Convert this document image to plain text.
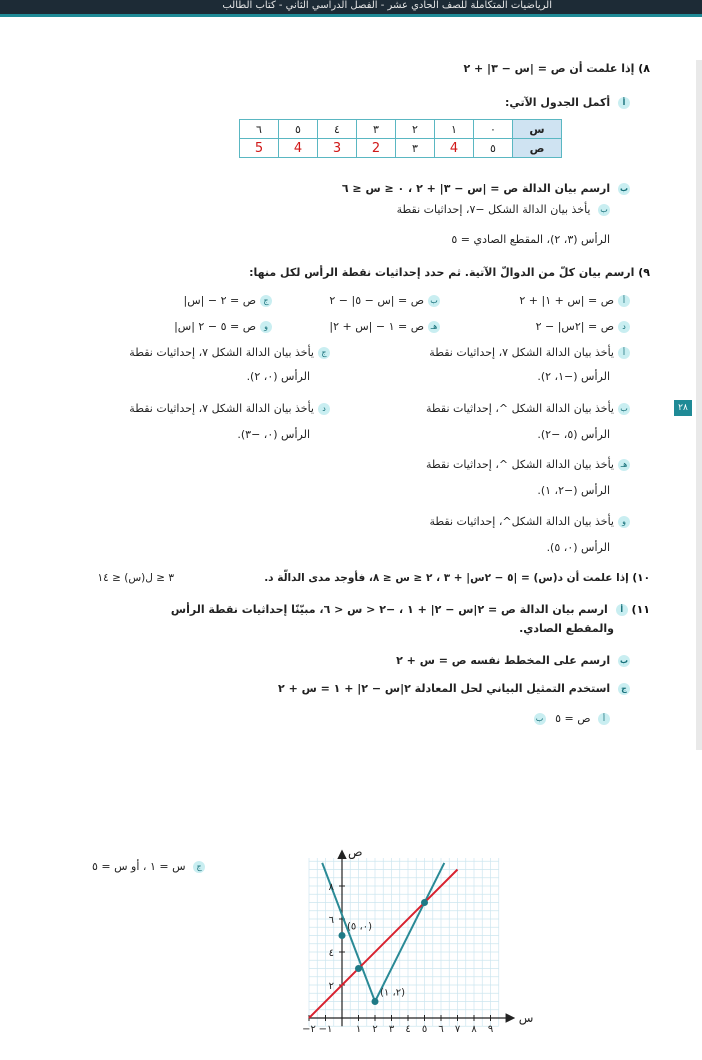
الرياضيات المتكاملة للصف الحادي عشر - الفصل الدراسي الثاني - كتاب الطالب
٢٨
٨) إذا علمت أن ص = |س − ٣| + ٢
أ أكمل الجدول الآتي:
س	٠	١	٢	٣	٤	٥	٦
ص	٥	4	٣	2	3	4	5
ب ارسم بيان الدالة ص = |س − ٣| + ٢ ، ٠ ≤ س ≤ ٦
ب يأخذ بيان الدالة الشكل −٧، إحداثيات نقطة
الرأس (٣، ٢)، المقطع الصادي = ٥
٩) ارسم بيان كلّ من الدوالّ الآتية. ثم حدد إحداثيات نقطة الرأس لكل منها:
أص = |س + ١| + ٢
بص = |س − ٥| − ٢
جص = ٢ − |س|
دص = |٢س| − ٢
هـص = ١ − |س + ٢|
وص = ٥ − ٢ |س|
أيأخذ بيان الدالة الشكل ٧، إحداثيات نقطة
الرأس (−١، ٢).
بيأخذ بيان الدالة الشكل ^، إحداثيات نقطة
الرأس (٥، −٢).
هـيأخذ بيان الدالة الشكل ^، إحداثيات نقطة
الرأس (−٢، ١).
ويأخذ بيان الدالة الشكل^، إحداثيات نقطة
الرأس (٠، ٥).
جيأخذ بيان الدالة الشكل ٧، إحداثيات نقطة
الرأس (٠، ٢).
ديأخذ بيان الدالة الشكل ٧، إحداثيات نقطة
الرأس (٠، −٣).
١٠) إذا علمت أن د(س) = |٥ − ٢س| + ٣ ، ٢ ≤ س ≤ ٨، فأوجد مدى الدالّة د.
٣ ≤ ل(س) ≤ ١٤
١١) أ ارسم بيان الدالة ص = ٢|س − ٢| + ١ ، −٢ < س < ٦، مبيّنًا إحداثيات نقطة الرأس
والمقطع الصادي.
ب ارسم على المخطط نفسه ص = س + ٢
ج استخدم التمثيل البياني لحل المعادلة ٢|س − ٢| + ١ = س + ٢
أ ص = ٥ ب
ج س = ١ ، أو س = ٥
−٢ −١ ١ ٢ ٣ ٤ ٥ ٦ ٧ ٨ ٩
٢
٤
٦
٨
س
ص
(٠، ٥)
(٢، ١)
